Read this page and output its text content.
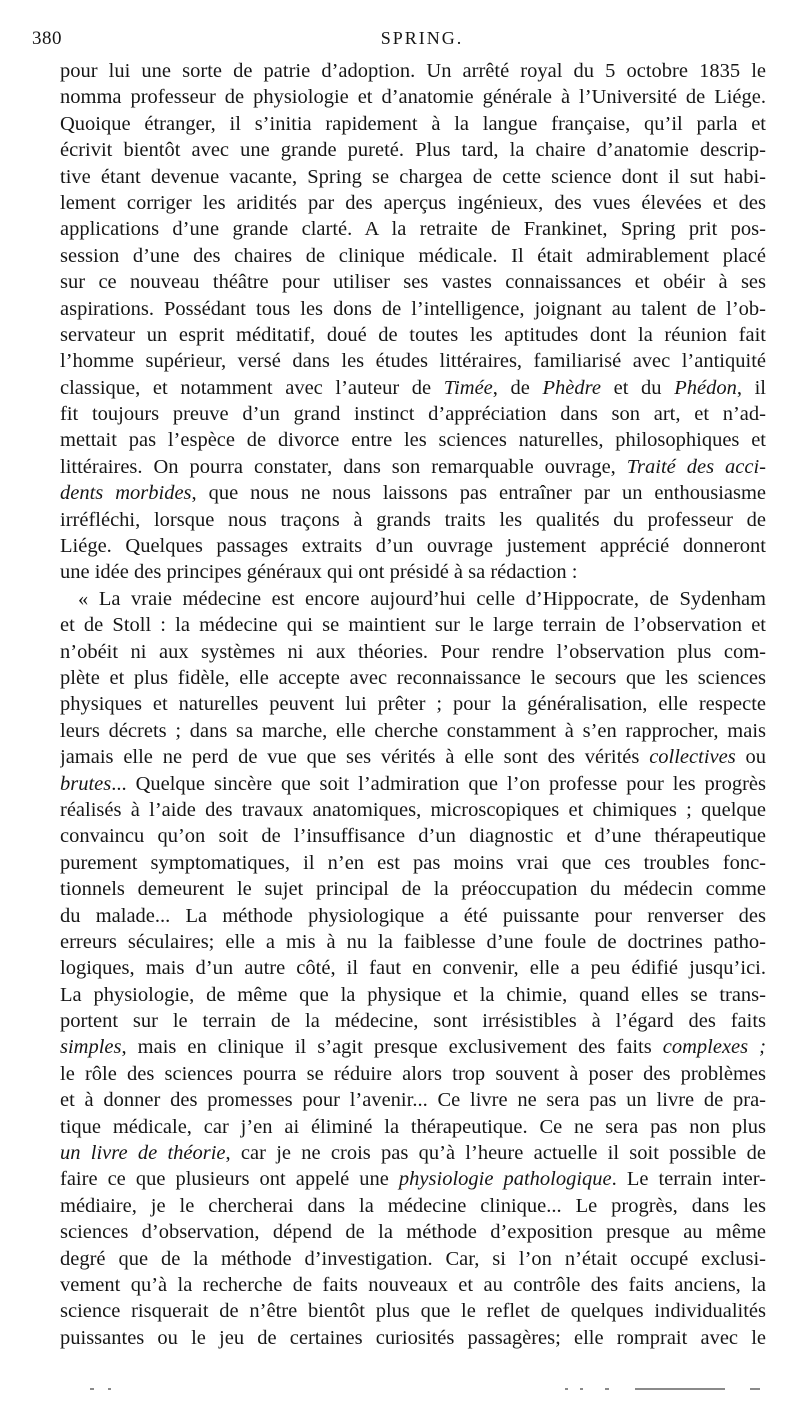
380	SPRING.
pour lui une sorte de patrie d’adoption. Un arrêté royal du 5 octobre 1835 le
nomma professeur de physiologie et d’anatomie générale à l’Université de Liége.
Quoique étranger, il s’initia rapidement à la langue française, qu’il parla et
écrivit bientôt avec une grande pureté. Plus tard, la chaire d’anatomie descrip-
tive étant devenue vacante, Spring se chargea de cette science dont il sut habi-
lement corriger les aridités par des aperçus ingénieux, des vues élevées et des
applications d’une grande clarté. A la retraite de Frankinet, Spring prit pos-
session d’une des chaires de clinique médicale. Il était admirablement placé
sur ce nouveau théâtre pour utiliser ses vastes connaissances et obéir à ses
aspirations. Possédant tous les dons de l’intelligence, joignant au talent de l’ob-
servateur un esprit méditatif, doué de toutes les aptitudes dont la réunion fait
l’homme supérieur, versé dans les études littéraires, familiarisé avec l’antiquité
classique, et notamment avec l’auteur de Timée, de Phèdre et du Phédon, il
fit toujours preuve d’un grand instinct d’appréciation dans son art, et n’ad-
mettait pas l’espèce de divorce entre les sciences naturelles, philosophiques et
littéraires. On pourra constater, dans son remarquable ouvrage, Traité des acci-
dents morbides, que nous ne nous laissons pas entraîner par un enthousiasme
irréfléchi, lorsque nous traçons à grands traits les qualités du professeur de
Liége. Quelques passages extraits d’un ouvrage justement apprécié donneront
une idée des principes généraux qui ont présidé à sa rédaction :
« La vraie médecine est encore aujourd’hui celle d’Hippocrate, de Sydenham
et de Stoll : la médecine qui se maintient sur le large terrain de l’observation et
n’obéit ni aux systèmes ni aux théories. Pour rendre l’observation plus com-
plète et plus fidèle, elle accepte avec reconnaissance le secours que les sciences
physiques et naturelles peuvent lui prêter ; pour la généralisation, elle respecte
leurs décrets ; dans sa marche, elle cherche constamment à s’en rapprocher, mais
jamais elle ne perd de vue que ses vérités à elle sont des vérités collectives ou
brutes... Quelque sincère que soit l’admiration que l’on professe pour les progrès
réalisés à l’aide des travaux anatomiques, microscopiques et chimiques ; quelque
convaincu qu’on soit de l’insuffisance d’un diagnostic et d’une thérapeutique
purement symptomatiques, il n’en est pas moins vrai que ces troubles fonc-
tionnels demeurent le sujet principal de la préoccupation du médecin comme
du malade... La méthode physiologique a été puissante pour renverser des
erreurs séculaires; elle a mis à nu la faiblesse d’une foule de doctrines patho-
logiques, mais d’un autre côté, il faut en convenir, elle a peu édifié jusqu’ici.
La physiologie, de même que la physique et la chimie, quand elles se trans-
portent sur le terrain de la médecine, sont irrésistibles à l’égard des faits
simples, mais en clinique il s’agit presque exclusivement des faits complexes ;
le rôle des sciences pourra se réduire alors trop souvent à poser des problèmes
et à donner des promesses pour l’avenir... Ce livre ne sera pas un livre de pra-
tique médicale, car j’en ai éliminé la thérapeutique. Ce ne sera pas non plus
un livre de théorie, car je ne crois pas qu’à l’heure actuelle il soit possible de
faire ce que plusieurs ont appelé une physiologie pathologique. Le terrain inter-
médiaire, je le chercherai dans la médecine clinique... Le progrès, dans les
sciences d’observation, dépend de la méthode d’exposition presque au même
degré que de la méthode d’investigation. Car, si l’on n’était occupé exclusi-
vement qu’à la recherche de faits nouveaux et au contrôle des faits anciens, la
science risquerait de n’être bientôt plus que le reflet de quelques individualités
puissantes ou le jeu de certaines curiosités passagères; elle romprait avec le
